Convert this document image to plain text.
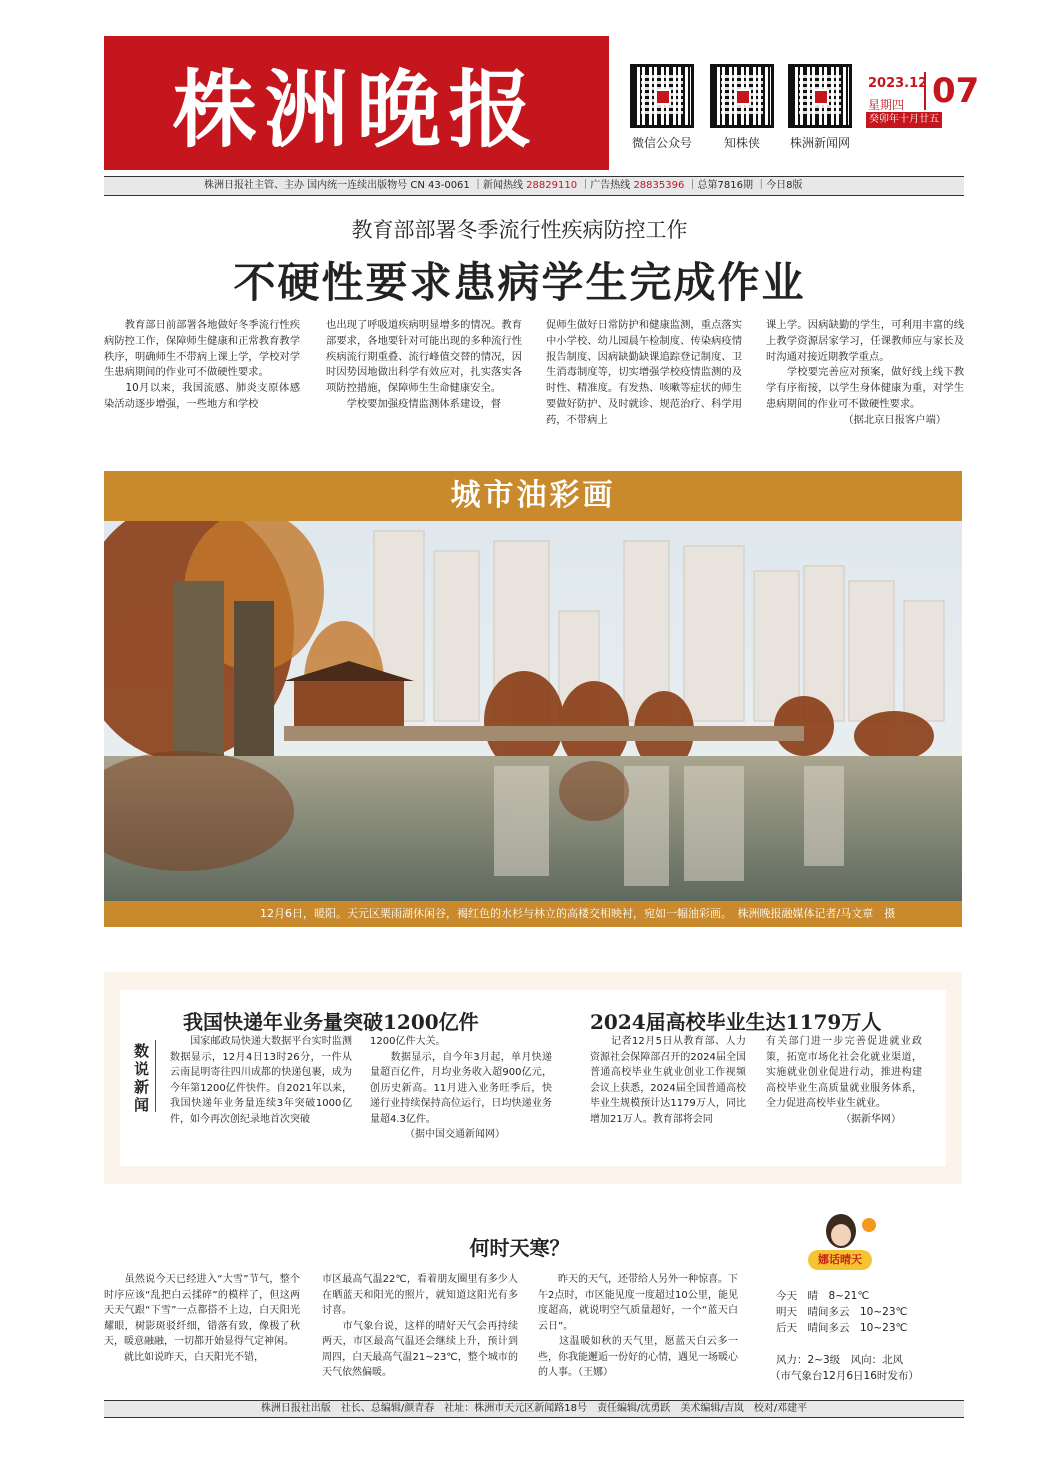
株洲晚报	微信公众号	知株侠	株洲新闻网
2023.12
星期四 07
癸卯年十月廿五
株洲日报社主管、主办 国内统一连续出版物号 CN 43-0061 ｜新闻热线 28829110 ｜广告热线 28835396 ｜总第7816期 ｜今日8版
教育部部署冬季流行性疾病防控工作
不硬性要求患病学生完成作业
　　教育部日前部署各地做好冬季流行性疾病防控工作，保障师生健康和正常教育教学秩序，明确师生不带病上课上学，学校对学生患病期间的作业可不做硬性要求。
　　10月以来，我国流感、肺炎支原体感染活动逐步增强，一些地方和学校
也出现了呼吸道疾病明显增多的情况。教育部要求，各地要针对可能出现的多种流行性疾病流行期重叠、流行峰值交替的情况，因时因势因地做出科学有效应对，扎实落实各项防控措施，保障师生生命健康安全。
　　学校要加强疫情监测体系建设，督
促师生做好日常防护和健康监测，重点落实中小学校、幼儿园晨午检制度、传染病疫情报告制度、因病缺勤缺课追踪登记制度、卫生消毒制度等，切实增强学校疫情监测的及时性、精准度。有发热、咳嗽等症状的师生要做好防护、及时就诊、规范治疗、科学用药，不带病上
课上学。因病缺勤的学生，可利用丰富的线上教学资源居家学习，任课教师应与家长及时沟通对接近期教学重点。
　　学校要完善应对预案，做好线上线下教学有序衔接，以学生身体健康为重，对学生患病期间的作业可不做硬性要求。
　　　　　　　　（据北京日报客户端）
城市油彩画
12月6日，暖阳。天元区栗雨湖休闲谷，褐红色的水杉与林立的高楼交相映衬，宛如一幅油彩画。　株洲晚报融媒体记者/马文章　摄
数说新闻
我国快递年业务量突破1200亿件
　　国家邮政局快递大数据平台实时监测数据显示，12月4日13时26分，一件从云南昆明寄往四川成都的快递包裹，成为今年第1200亿件快件。自2021年以来，我国快递年业务量连续3年突破1000亿件，如今再次创纪录地首次突破
1200亿件大关。
　　数据显示，自今年3月起，单月快递量超百亿件，月均业务收入超900亿元，创历史新高。11月进入业务旺季后，快递行业持续保持高位运行，日均快递业务量超4.3亿件。
　　　　（据中国交通新闻网）
2024届高校毕业生达1179万人
　　记者12月5日从教育部、人力资源社会保障部召开的2024届全国普通高校毕业生就业创业工作视频会议上获悉，2024届全国普通高校毕业生规模预计达1179万人，同比增加21万人。教育部将会同
有关部门进一步完善促进就业政策，拓宽市场化社会化就业渠道，实施就业创业促进行动，推进构建高校毕业生高质量就业服务体系，全力促进高校毕业生就业。
　　　　　　　　（据新华网）
何时天寒？	娜话晴天
　　虽然说今天已经进入“大雪”节气，整个时序应该“乱把白云揉碎”的模样了，但这两天天气跟“下雪”一点都搭不上边，白天阳光耀眼，树影斑驳纤细，错落有致，像极了秋天，暖意融融，一切都开始显得气定神闲。
　　就比如说昨天，白天阳光不错，
市区最高气温22℃，看着朋友圈里有多少人在晒蓝天和阳光的照片，就知道这阳光有多讨喜。
　　市气象台说，这样的晴好天气会再持续两天，市区最高气温还会继续上升，预计到周四，白天最高气温21~23℃，整个城市的天气依然偏暖。
　　昨天的天气，还带给人另外一种惊喜。下午2点时，市区能见度一度超过10公里，能见度超高，就说明空气质量超好，一个“蓝天白云日”。
　　这温暖如秋的天气里，愿蓝天白云多一些，你我能邂逅一份好的心情，遇见一场暖心的人事。（王娜）
今天　 晴　 8~21℃
明天　 晴间多云　 10~23℃
后天　 晴间多云　 10~23℃
风力：2~3级　风向：北风
（市气象台12月6日16时发布）
株洲日报社出版　社长、总编辑/颜青春　社址：株洲市天元区新闻路18号　责任编辑/沈勇跃　美术编辑/吉岚　校对/邓建平
